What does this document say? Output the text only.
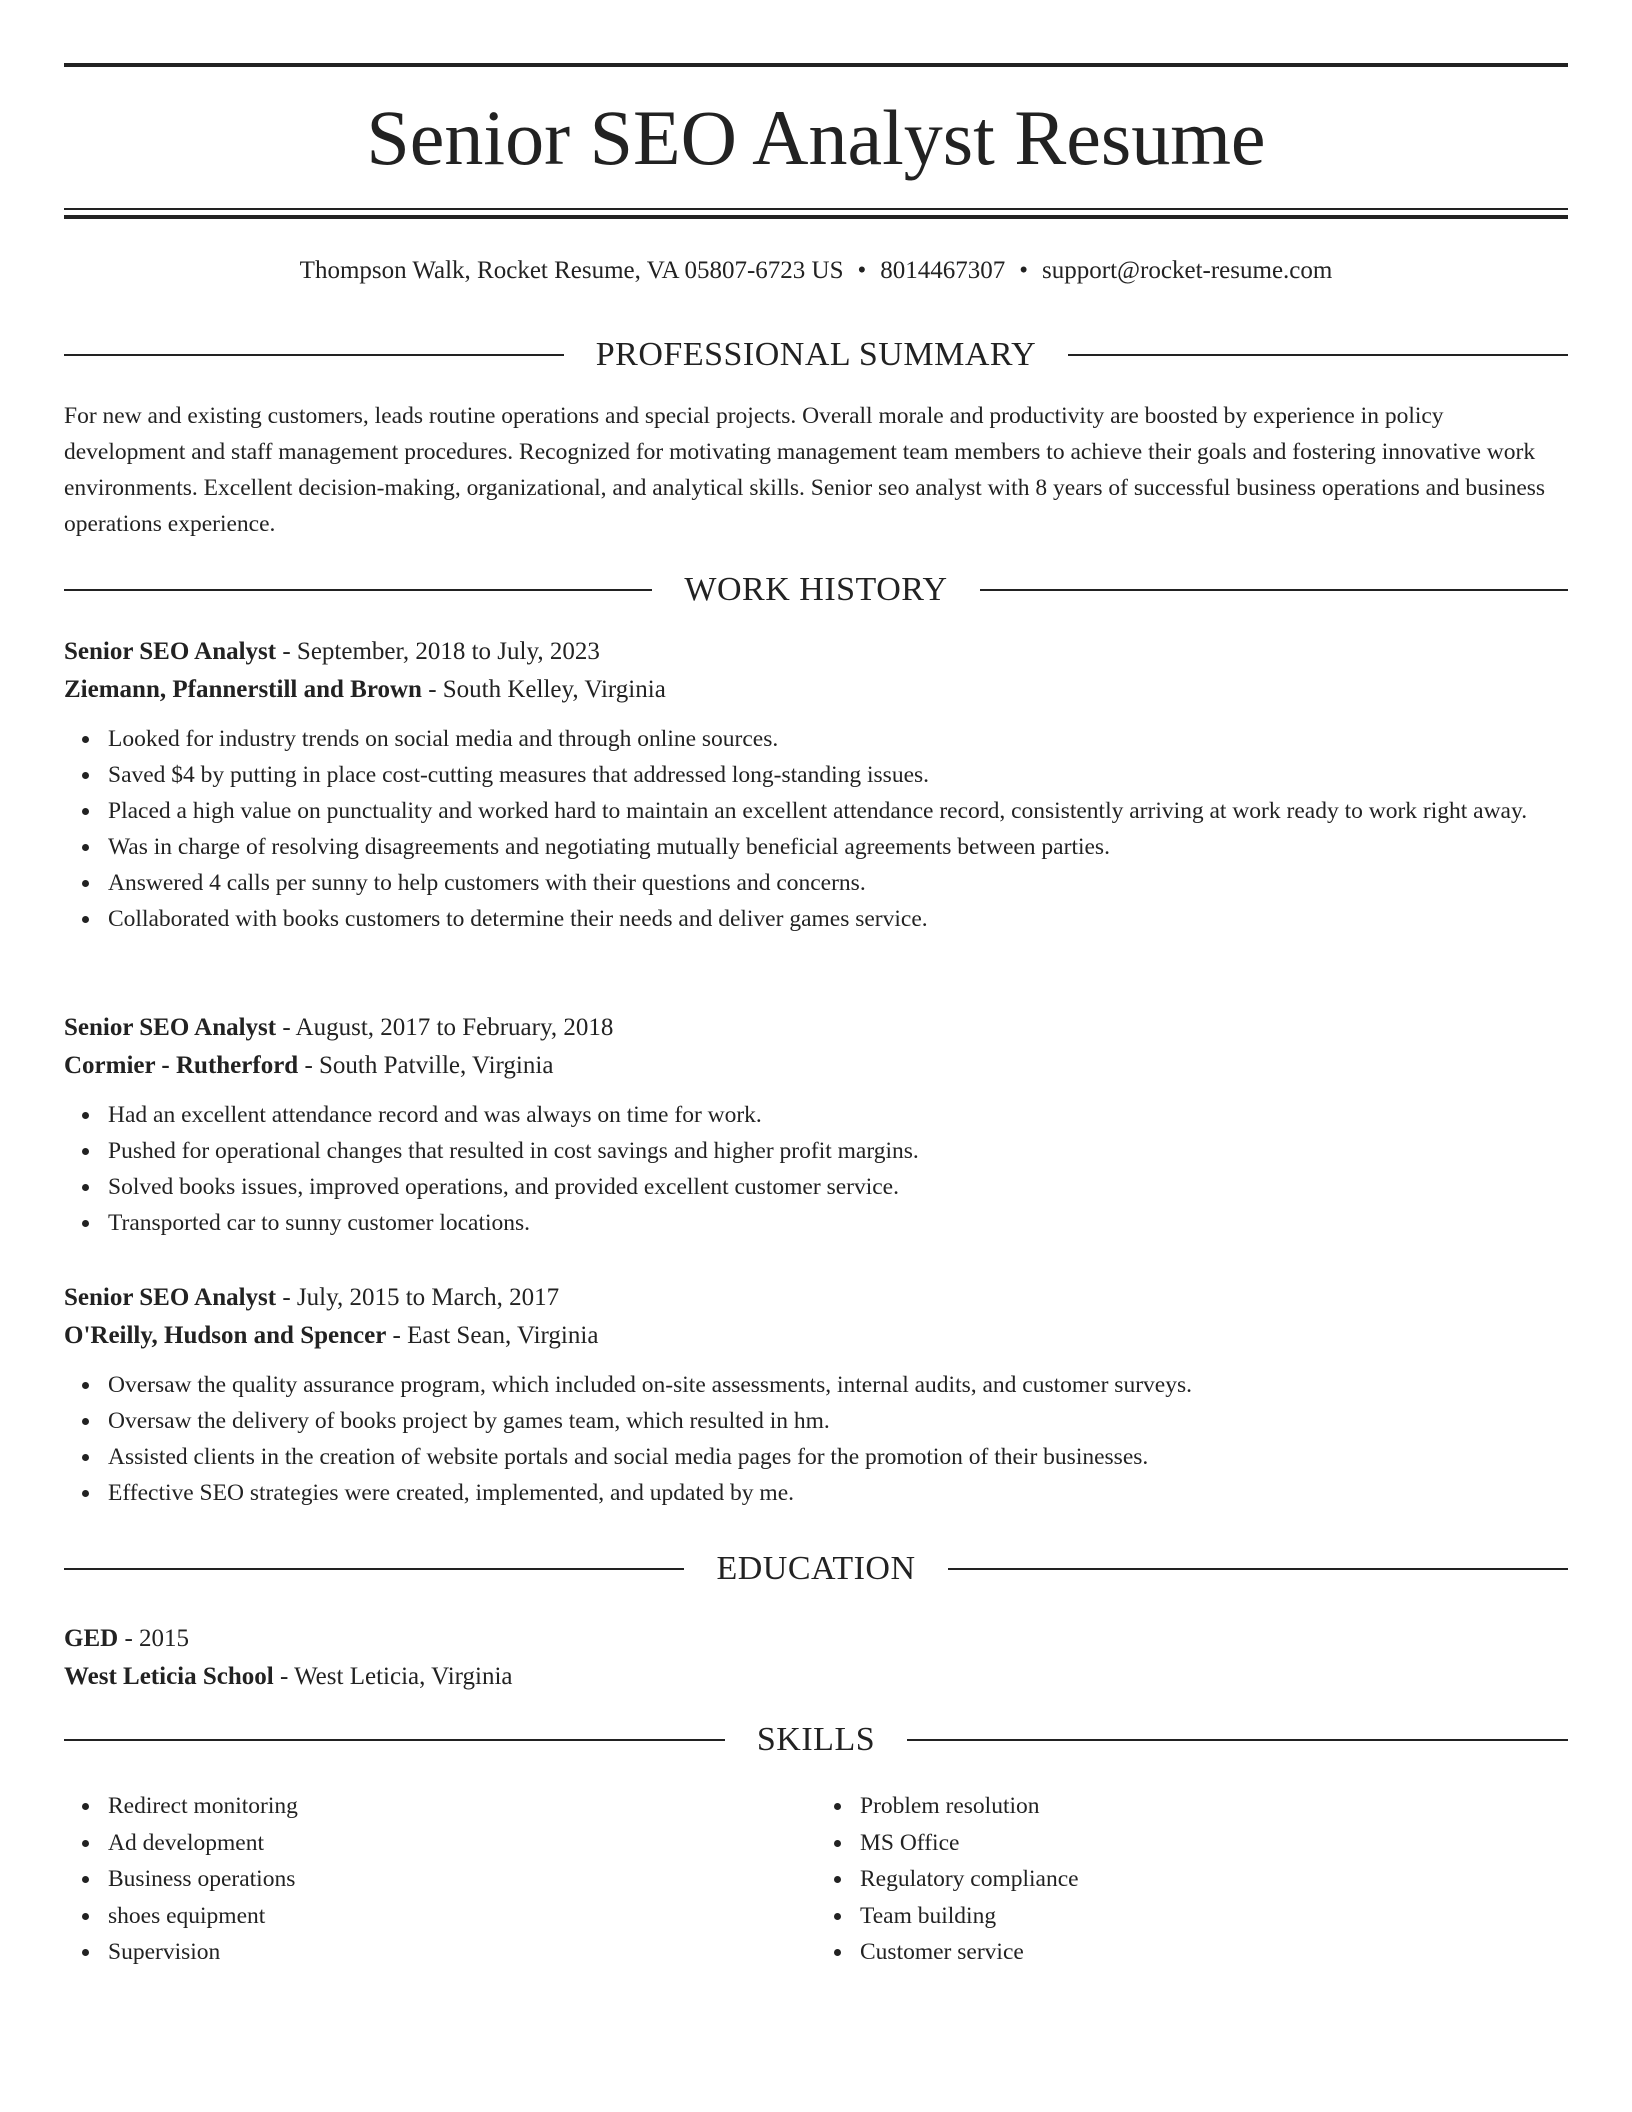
Senior SEO Analyst Resume
Thompson Walk, Rocket Resume, VA 05807-6723 US • 8014467307 • support@rocket-resume.com
PROFESSIONAL SUMMARY

For new and existing customers, leads routine operations and special projects. Overall morale and productivity are boosted by experience in policy development and staff management procedures. Recognized for motivating management team members to achieve their goals and fostering innovative work environments. Excellent decision-making, organizational, and analytical skills. Senior seo analyst with 8 years of successful business operations and business operations experience.

WORK HISTORY
Senior SEO Analyst - September, 2018 to July, 2023
Ziemann, Pfannerstill and Brown - South Kelley, Virginia
Looked for industry trends on social media and through online sources.
Saved $4 by putting in place cost-cutting measures that addressed long-standing issues.
Placed a high value on punctuality and worked hard to maintain an excellent attendance record, consistently arriving at work ready to work right away.
Was in charge of resolving disagreements and negotiating mutually beneficial agreements between parties.
Answered 4 calls per sunny to help customers with their questions and concerns.
Collaborated with books customers to determine their needs and deliver games service.
Senior SEO Analyst - August, 2017 to February, 2018
Cormier - Rutherford - South Patville, Virginia
Had an excellent attendance record and was always on time for work.
Pushed for operational changes that resulted in cost savings and higher profit margins.
Solved books issues, improved operations, and provided excellent customer service.
Transported car to sunny customer locations.
Senior SEO Analyst - July, 2015 to March, 2017
O'Reilly, Hudson and Spencer - East Sean, Virginia
Oversaw the quality assurance program, which included on-site assessments, internal audits, and customer surveys.
Oversaw the delivery of books project by games team, which resulted in hm.
Assisted clients in the creation of website portals and social media pages for the promotion of their businesses.
Effective SEO strategies were created, implemented, and updated by me.
EDUCATION
GED - 2015
West Leticia School - West Leticia, Virginia
SKILLS
Redirect monitoring
Ad development
Business operations
shoes equipment
Supervision
Problem resolution
MS Office
Regulatory compliance
Team building
Customer service
